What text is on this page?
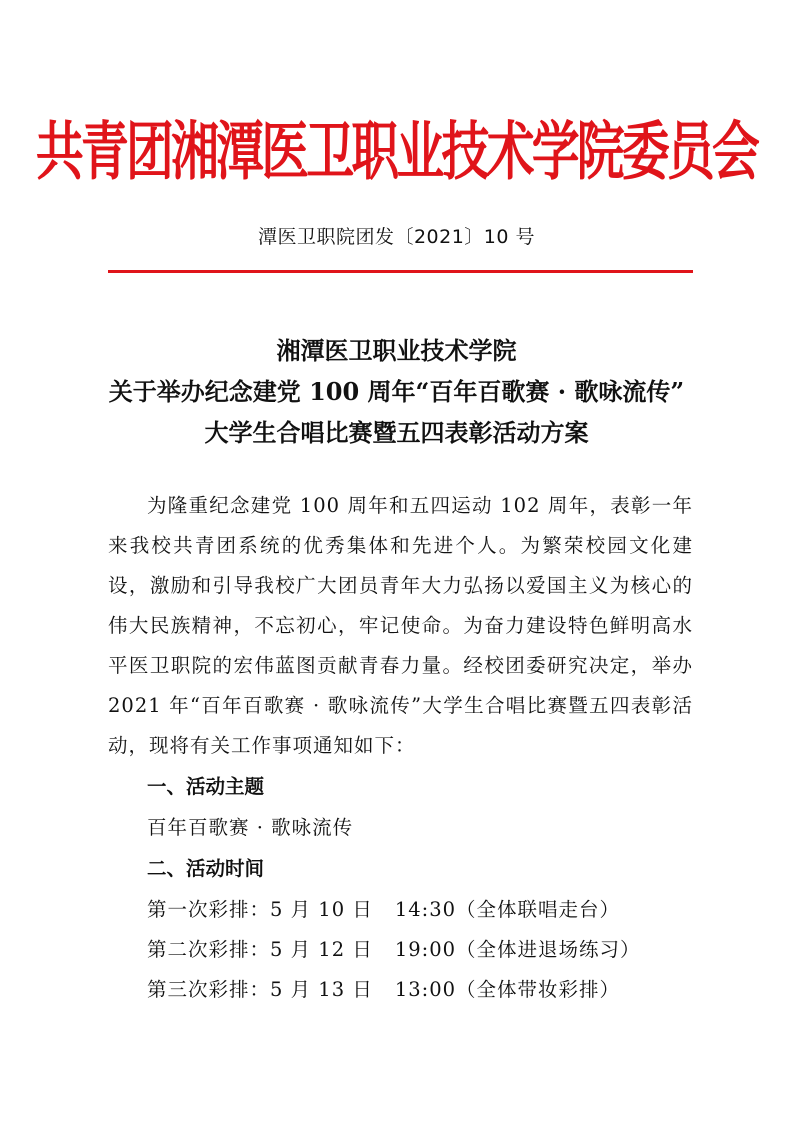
共青团湘潭医卫职业技术学院委员会
潭医卫职院团发〔2021〕10 号
湘潭医卫职业技术学院
关于举办纪念建党 100 周年“百年百歌赛 · 歌咏流传”
大学生合唱比赛暨五四表彰活动方案

为隆重纪念建党 100 周年和五四运动 102 周年，表彰一年来我校共青团系统的优秀集体和先进个人。为繁荣校园文化建设，激励和引导我校广大团员青年大力弘扬以爱国主义为核心的伟大民族精神，不忘初心，牢记使命。为奋力建设特色鲜明高水平医卫职院的宏伟蓝图贡献青春力量。经校团委研究决定，举办 2021 年“百年百歌赛 · 歌咏流传”大学生合唱比赛暨五四表彰活动，现将有关工作事项通知如下：

一、活动主题

百年百歌赛 · 歌咏流传

二、活动时间

第一次彩排：5 月 10 日 14:30（全体联唱走台）

第二次彩排：5 月 12 日 19:00（全体进退场练习）

第三次彩排：5 月 13 日 13:00（全体带妆彩排）
